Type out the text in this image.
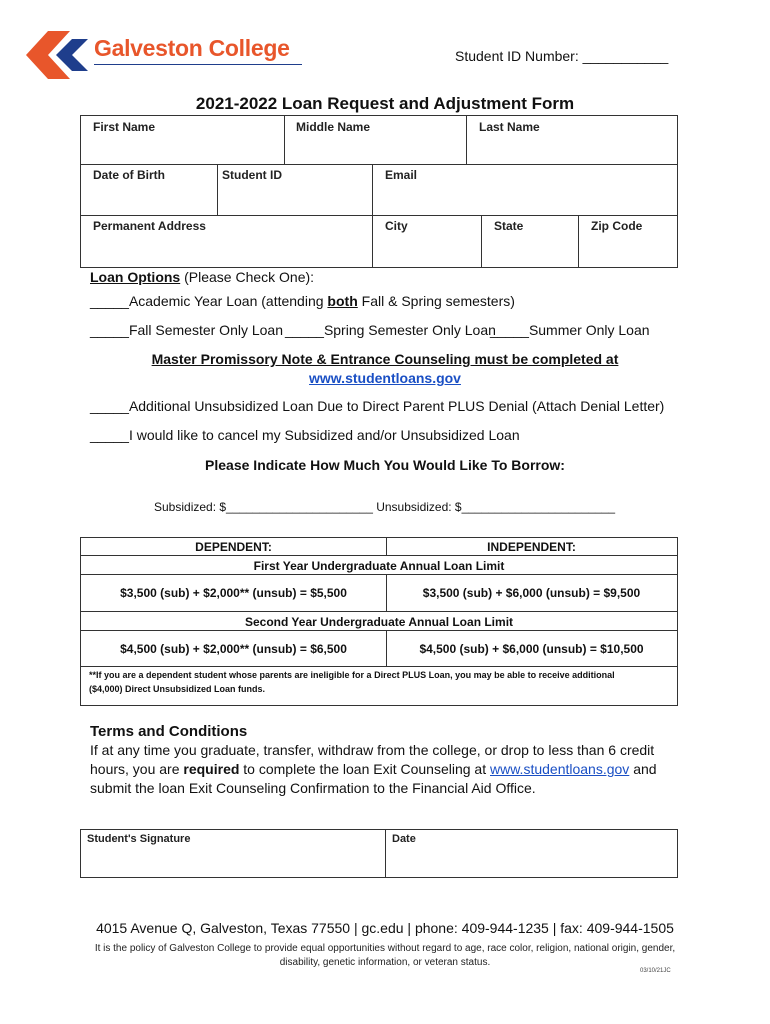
Galveston College	Student ID Number: ___________
2021-2022 Loan Request and Adjustment Form
First Name	Middle Name	Last Name
Date of Birth	Student ID	Email
Permanent Address	City	State	Zip Code
Loan Options (Please Check One):
_____Academic Year Loan (attending both Fall & Spring semesters)
_____Fall Semester Only Loan _____Spring Semester Only Loan
_____Summer Only Loan
Master Promissory Note & Entrance Counseling must be completed at
www.studentloans.gov
_____Additional Unsubsidized Loan Due to Direct Parent PLUS Denial (Attach Denial Letter)
_____I would like to cancel my Subsidized and/or Unsubsidized Loan
Please Indicate How Much You Would Like To Borrow:
Subsidized: $______________________ Unsubsidized: $_______________________
DEPENDENT:	INDEPENDENT:
First Year Undergraduate Annual Loan Limit
$3,500 (sub) + $2,000** (unsub) = $5,500	$3,500 (sub) + $6,000 (unsub) = $9,500
Second Year Undergraduate Annual Loan Limit
$4,500 (sub) + $2,000** (unsub) = $6,500	$4,500 (sub) + $6,000 (unsub) = $10,500
**If you are a dependent student whose parents are ineligible for a Direct PLUS Loan, you may be able to receive additional
($4,000) Direct Unsubsidized Loan funds.
Terms and Conditions
If at any time you graduate, transfer, withdraw from the college, or drop to less than 6 credit hours, you are required to complete the loan Exit Counseling at www.studentloans.gov and submit the loan Exit Counseling Confirmation to the Financial Aid Office.
Student's Signature	Date
4015 Avenue Q, Galveston, Texas 77550 | gc.edu | phone: 409-944-1235 | fax: 409-944-1505
It is the policy of Galveston College to provide equal opportunities without regard to age, race color, religion, national origin, gender, disability, genetic information, or veteran status.
03/10/21JC
